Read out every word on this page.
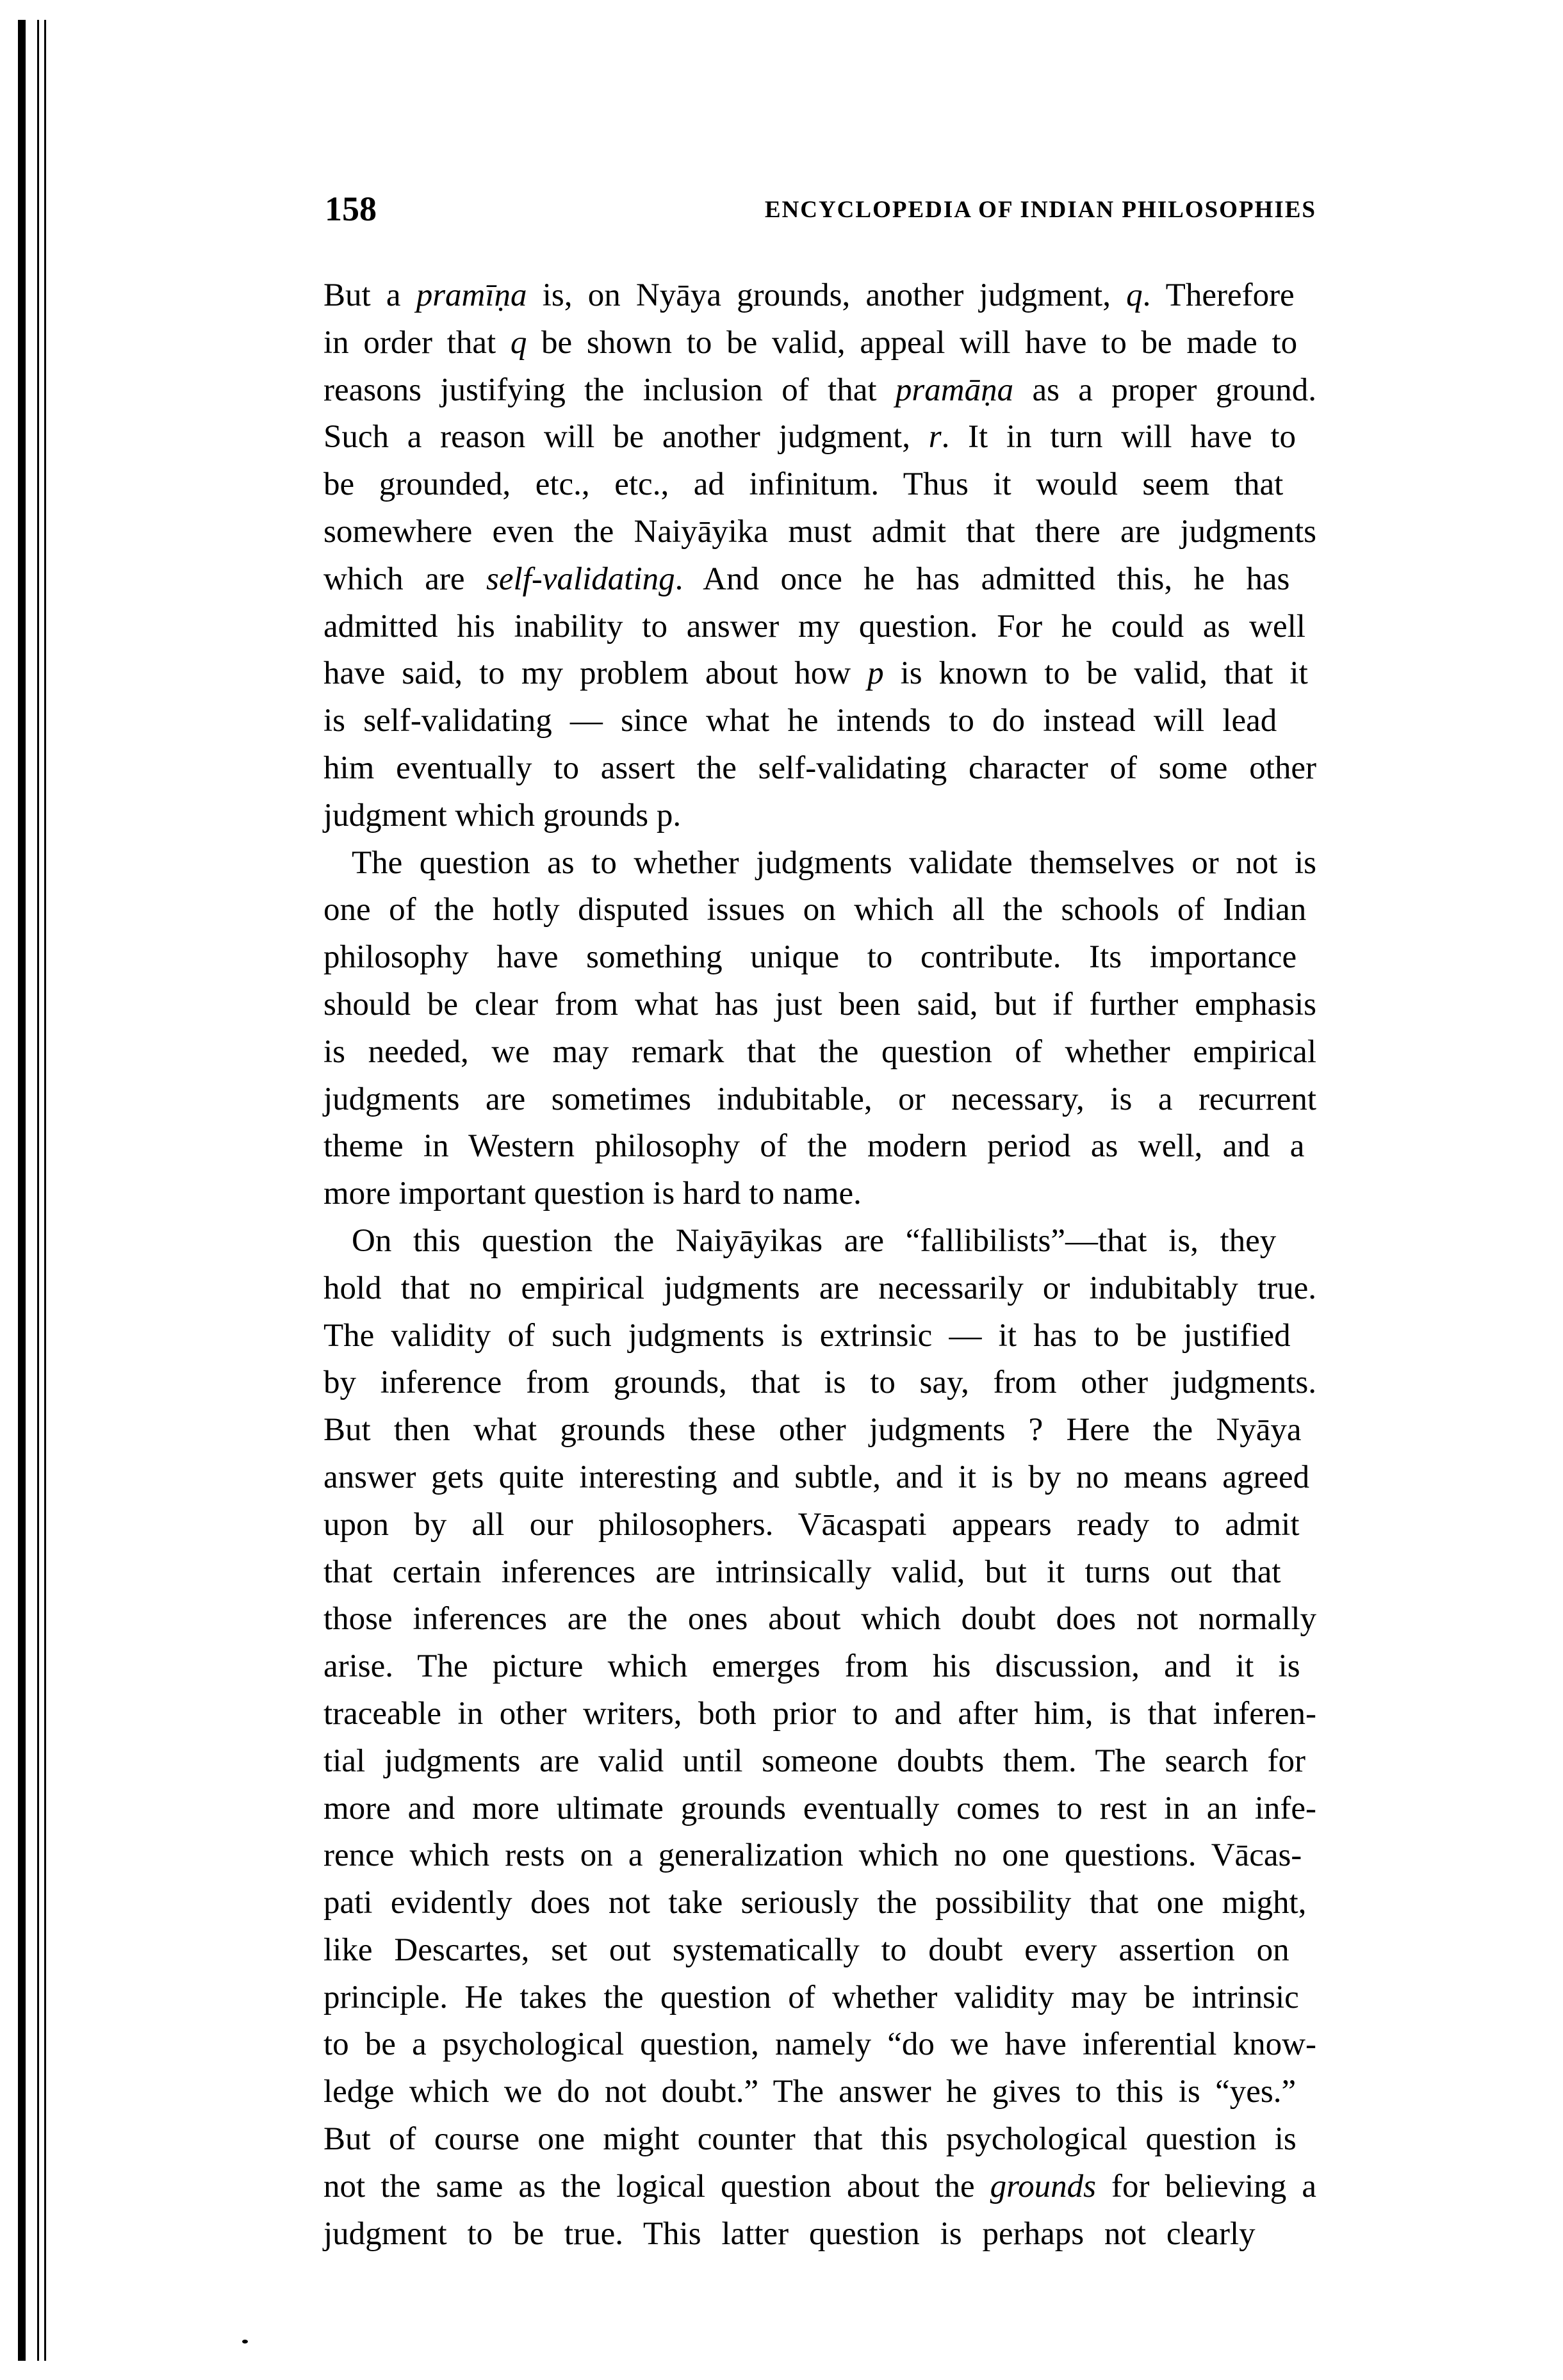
158	ENCYCLOPEDIA OF INDIAN PHILOSOPHIES
But a pramīṇa is, on Nyāya grounds, another judgment, q. Therefore
in order that q be shown to be valid, appeal will have to be made to
reasons justifying the inclusion of that pramāṇa as a proper ground.
Such a reason will be another judgment, r. It in turn will have to
be grounded, etc., etc., ad infinitum. Thus it would seem that
somewhere even the Naiyāyika must admit that there are judgments
which are self-validating. And once he has admitted this, he has
admitted his inability to answer my question. For he could as well
have said, to my problem about how p is known to be valid, that it
is self-validating — since what he intends to do instead will lead
him eventually to assert the self-validating character of some other
judgment which grounds p.
The question as to whether judgments validate themselves or not is
one of the hotly disputed issues on which all the schools of Indian
philosophy have something unique to contribute. Its importance
should be clear from what has just been said, but if further emphasis
is needed, we may remark that the question of whether empirical
judgments are sometimes indubitable, or necessary, is a recurrent
theme in Western philosophy of the modern period as well, and a
more important question is hard to name.
On this question the Naiyāyikas are “fallibilists”—that is, they
hold that no empirical judgments are necessarily or indubitably true.
The validity of such judgments is extrinsic — it has to be justified
by inference from grounds, that is to say, from other judgments.
But then what grounds these other judgments ? Here the Nyāya
answer gets quite interesting and subtle, and it is by no means agreed
upon by all our philosophers. Vācaspati appears ready to admit
that certain inferences are intrinsically valid, but it turns out that
those inferences are the ones about which doubt does not normally
arise. The picture which emerges from his discussion, and it is
traceable in other writers, both prior to and after him, is that inferen-
tial judgments are valid until someone doubts them. The search for
more and more ultimate grounds eventually comes to rest in an infe-
rence which rests on a generalization which no one questions. Vācas-
pati evidently does not take seriously the possibility that one might,
like Descartes, set out systematically to doubt every assertion on
principle. He takes the question of whether validity may be intrinsic
to be a psychological question, namely “do we have inferential know-
ledge which we do not doubt.” The answer he gives to this is “yes.”
But of course one might counter that this psychological question is
not the same as the logical question about the grounds for believing a
judgment to be true. This latter question is perhaps not clearly
